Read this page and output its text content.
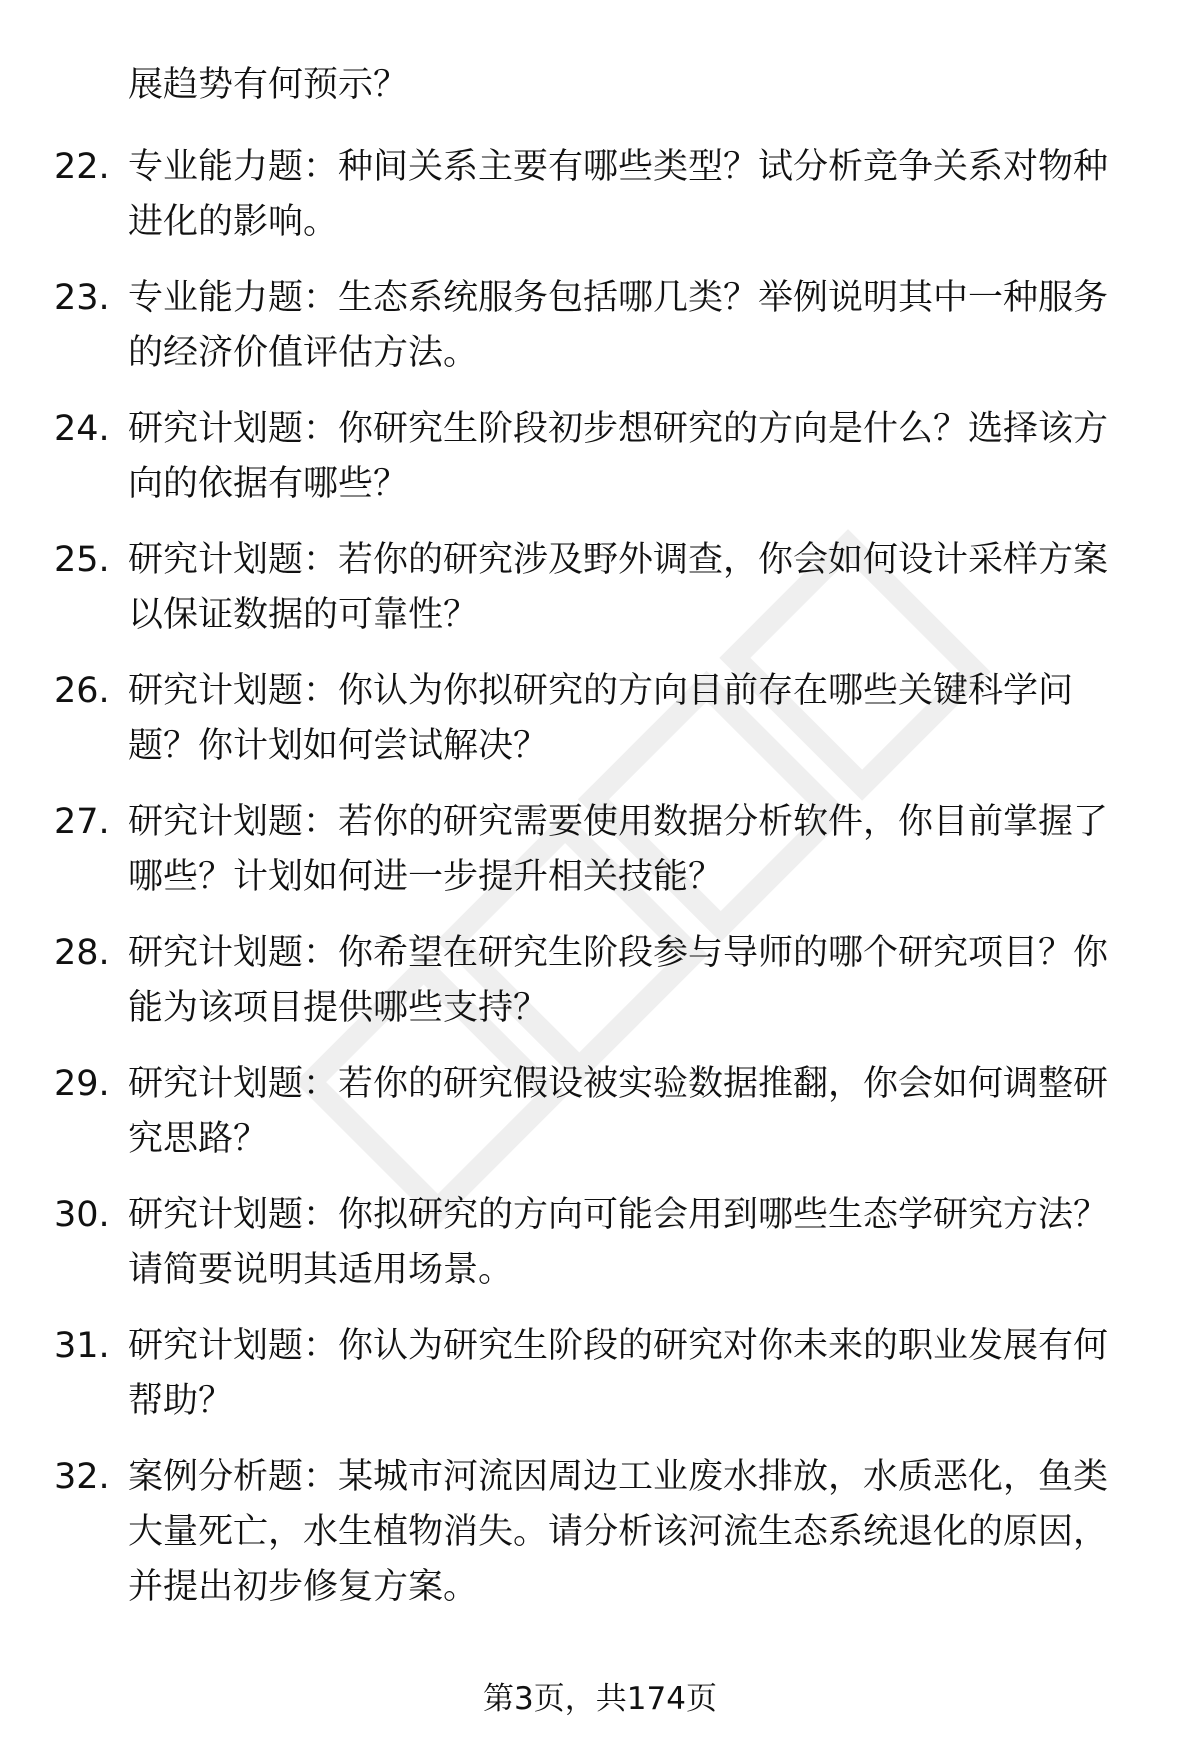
展趋势有何预示？
22. 专业能力题：种间关系主要有哪些类型？试分析竞争关系对物种进化的影响。
23. 专业能力题：生态系统服务包括哪几类？举例说明其中一种服务的经济价值评估方法。
24. 研究计划题：你研究生阶段初步想研究的方向是什么？选择该方向的依据有哪些？
25. 研究计划题：若你的研究涉及野外调查，你会如何设计采样方案以保证数据的可靠性？
26. 研究计划题：你认为你拟研究的方向目前存在哪些关键科学问题？你计划如何尝试解决？
27. 研究计划题：若你的研究需要使用数据分析软件，你目前掌握了哪些？计划如何进一步提升相关技能？
28. 研究计划题：你希望在研究生阶段参与导师的哪个研究项目？你能为该项目提供哪些支持？
29. 研究计划题：若你的研究假设被实验数据推翻，你会如何调整研究思路？
30. 研究计划题：你拟研究的方向可能会用到哪些生态学研究方法？请简要说明其适用场景。
31. 研究计划题：你认为研究生阶段的研究对你未来的职业发展有何帮助？
32. 案例分析题：某城市河流因周边工业废水排放，水质恶化，鱼类大量死亡，水生植物消失。请分析该河流生态系统退化的原因，并提出初步修复方案。
第3页，共174页
